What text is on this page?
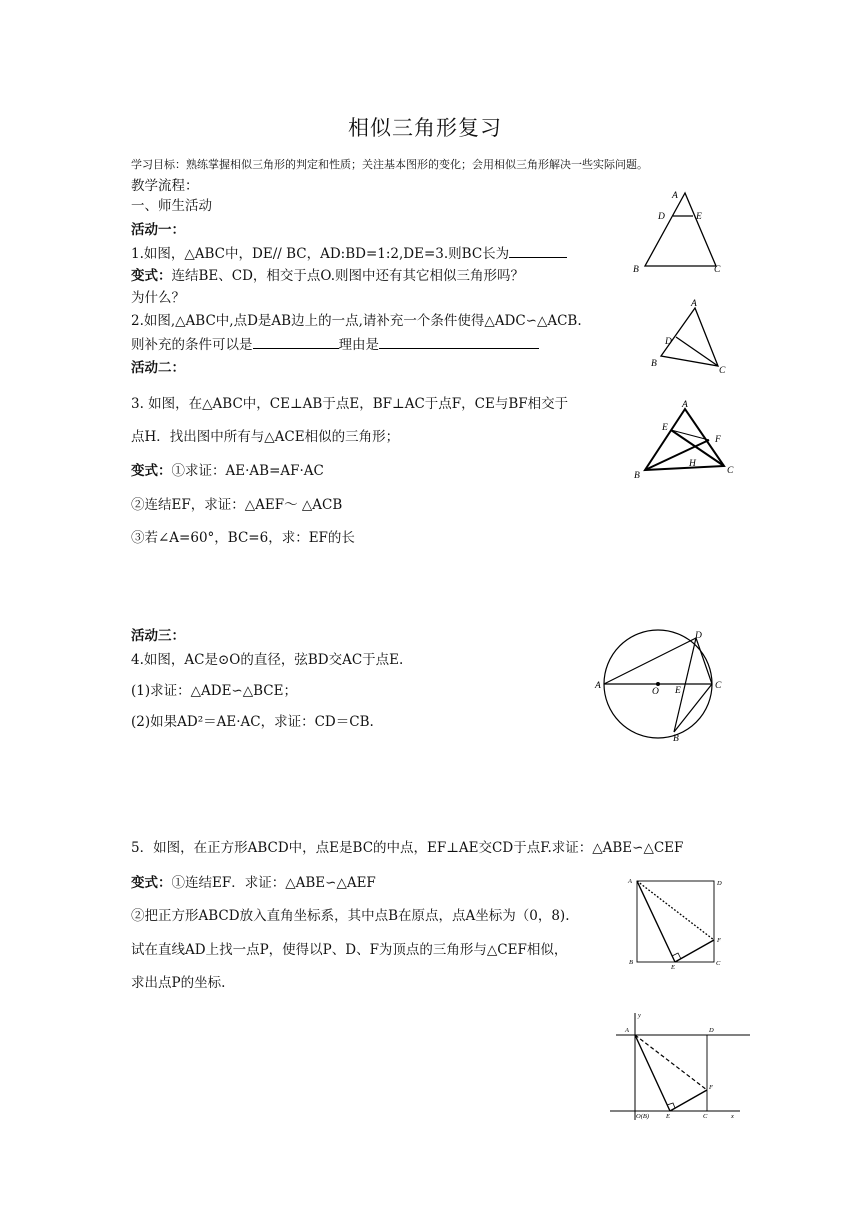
相似三角形复习
学习目标：熟练掌握相似三角形的判定和性质；关注基本图形的变化；会用相似三角形解决一些实际问题。
教学流程：
一、师生活动
活动一：
1.如图，△ABC中，DE// BC，AD:BD=1:2,DE=3.则BC长为
变式：连结BE、CD，相交于点O.则图中还有其它相似三角形吗？
为什么？
2.如图,△ABC中,点D是AB边上的一点,请补充一个条件使得△ADC∽△ACB.
则补充的条件可以是	理由是
活动二：
3. 如图，在△ABC中，CE⊥AB于点E，BF⊥AC于点F，CE与BF相交于
点H．找出图中所有与△ACE相似的三角形；
变式：①求证：AE·AB=AF·AC
②连结EF，求证：△AEF～ △ACB
③若∠A=60°，BC=6，求：EF的长
活动三：
4.如图，AC是⊙O的直径，弦BD交AC于点E.
(1)求证：△ADE∽△BCE；
(2)如果AD²＝AE·AC，求证：CD＝CB.
5．如图，在正方形ABCD中，点E是BC的中点，EF⊥AE交CD于点F.求证：△ABE∽△CEF
变式：①连结EF．求证：△ABE∽△AEF
②把正方形ABCD放入直角坐标系，其中点B在原点，点A坐标为（0，8).
试在直线AD上找一点P，使得以P、D、F为顶点的三角形与△CEF相似，
求出点P的坐标.
A
D	E
B	C
A
D
B
C
A
E
F
H
B	C
D
A
O E	C
B
A	D
F
B
E
C
y
A	D
F
O(B)	E	C	x
